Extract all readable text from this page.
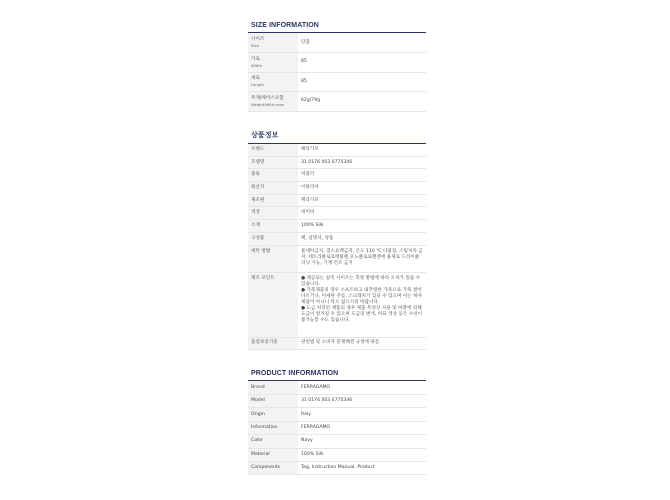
SIZE INFORMATION
사이즈
Size	단품
가로
Width	85
세로
Length	85
무게/케이스포함
Weight/With case	62g/79g
상품정보
브랜드	페라가모
모델명	31 0176 003 0775346
종류	머플러
원산지	이탈리아
제조원	페라가모
색상	네이비
소재	100% Silk
구성품	택, 설명서, 상품
세탁 방법	물세탁금지, 염소표백금지, 온도 110 ℃ 다림질, 스팀처리 금지, 테트라클로로에틸렌,모노클로로벤젠에 용제로 드라이클리닝 가능, 기계 건조 금지
제조 포인트	● 제공되는 실측 사이즈는 측정 방법에 따라 오차가 있을 수 있습니다.
● 가죽제품의 경우 소프트하고 내추럴한 가죽으로 가죽 결이 다르거나, 미세한 주름, 스크래치가 있을 수 있으며 이는 하자제품이 아니니 착오 없으시길 바랍니다.
● 도금 처리된 제품의 경우 제품 특성상 사용 및 마찰에 의해 도금이 벗겨질 수 있으며 도금의 변색, 미묘 색상 등은 수선이 불가능할 수도 있습니다.

품질보증기준	관련법 및 소비자 분쟁해결 규정에 따름
PRODUCT INFORMATION
Brand	FERRAGAMO
Model	31 0176 003 0775346
Origin	Italy
Information	FERRAGAMO
Color	Navy
Material	100% Silk
Components	Tag, Instruction Manual, Product
